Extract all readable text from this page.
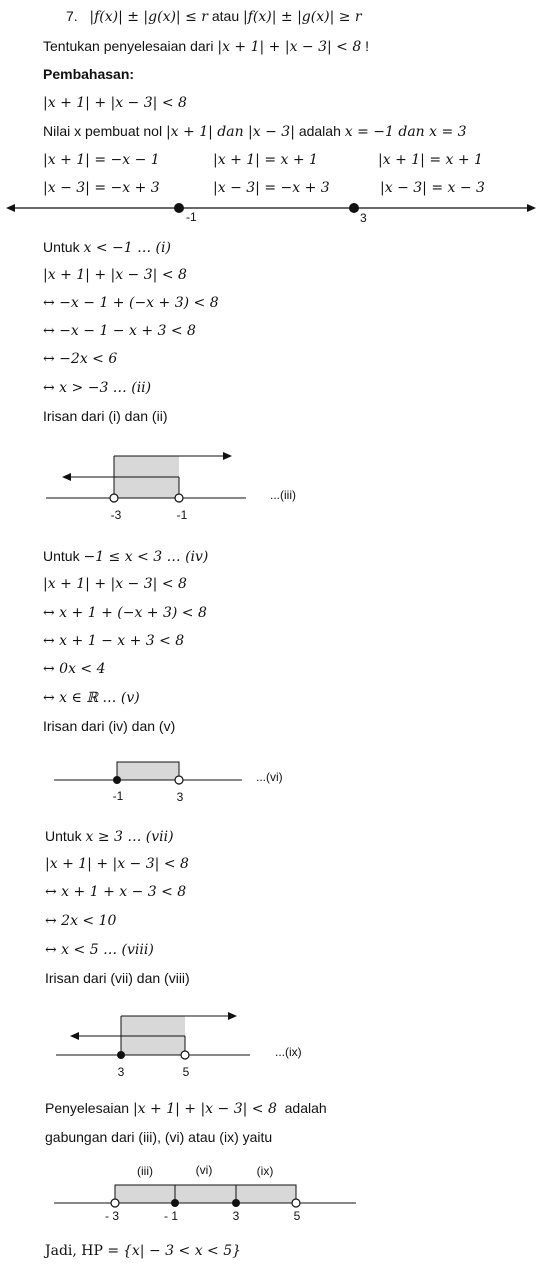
7. |f(x)| ± |g(x)| ≤ r atau |f(x)| ± |g(x)| ≥ r
Tentukan penyelesaian dari |x + 1| + |x − 3| < 8 !
Pembahasan:
|x + 1| + |x − 3| < 8
Nilai x pembuat nol |x + 1| dan |x − 3| adalah x = −1 dan x = 3
|x + 1| = −x − 1	|x + 1| = x + 1	|x + 1| = x + 1
|x − 3| = −x + 3	|x − 3| = −x + 3	|x − 3| = x − 3
-1	3
Untuk x < −1 … (i)
|x + 1| + |x − 3| < 8
↔ −x − 1 + (−x + 3) < 8
↔ −x − 1 − x + 3 < 8
↔ −2x < 6
↔ x > −3 … (ii)
Irisan dari (i) dan (ii)
-3	-1
...(iii)
Untuk −1 ≤ x < 3 … (iv)
|x + 1| + |x − 3| < 8
↔ x + 1 + (−x + 3) < 8
↔ x + 1 − x + 3 < 8
↔ 0x < 4
↔ x ∈ ℝ … (v)
Irisan dari (iv) dan (v)
-1	3
...(vi)
Untuk x ≥ 3 … (vii)
|x + 1| + |x − 3| < 8
↔ x + 1 + x − 3 < 8
↔ 2x < 10
↔ x < 5 … (viii)
Irisan dari (vii) dan (viii)
3	5
...(ix)
Penyelesaian |x + 1| + |x − 3| < 8 adalah
gabungan dari (iii), (vi) atau (ix) yaitu
(iii)	(vi)	(ix)
- 3	- 1	3	5
Jadi, HP = {x| − 3 < x < 5}
